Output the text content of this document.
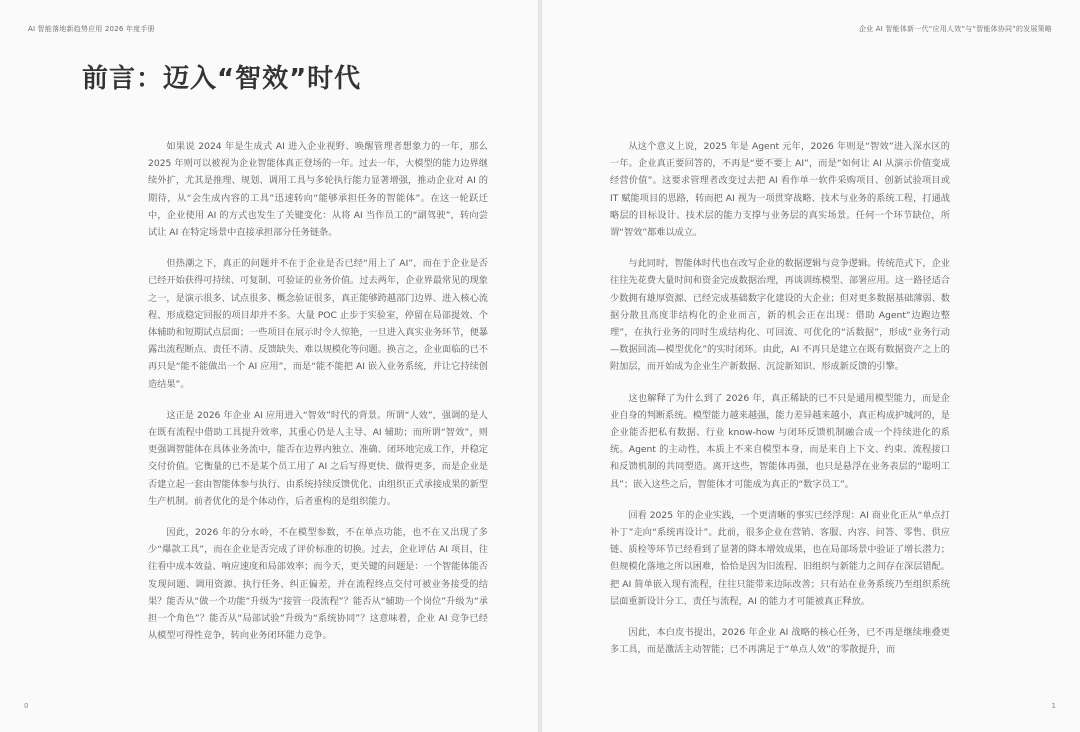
AI 智能落地新趋势应用 2026 年度手册
前言：迈入“智效”时代

如果说 2024 年是生成式 AI 进入企业视野、唤醒管理者想象力的一年，那么 2025 年则可以被视为企业智能体真正登场的一年。过去一年，大模型的能力边界继续外扩，尤其是推理、规划、调用工具与多轮执行能力显著增强，推动企业对 AI 的期待，从“会生成内容的工具”迅速转向“能够承担任务的智能体”。在这一轮跃迁中，企业使用 AI 的方式也发生了关键变化：从将 AI 当作员工的“副驾驶”，转向尝试让 AI 在特定场景中直接承担部分任务链条。

但热潮之下，真正的问题并不在于企业是否已经“用上了 AI”，而在于企业是否已经开始获得可持续、可复制、可验证的业务价值。过去两年，企业界最常见的现象之一，是演示很多、试点很多、概念验证很多，真正能够跨越部门边界、进入核心流程、形成稳定回报的项目却并不多。大量 POC 止步于实验室，停留在局部提效、个体辅助和短期试点层面；一些项目在展示时令人惊艳，一旦进入真实业务环节，便暴露出流程断点、责任不清、反馈缺失、难以规模化等问题。换言之，企业面临的已不再只是“能不能做出一个 AI 应用”，而是“能不能把 AI 嵌入业务系统，并让它持续创造结果”。

这正是 2026 年企业 AI 应用进入“智效”时代的背景。所谓“人效”，强调的是人在既有流程中借助工具提升效率，其重心仍是人主导、AI 辅助；而所谓“智效”，则更强调智能体在具体业务流中，能否在边界内独立、准确、闭环地完成工作，并稳定交付价值。它衡量的已不是某个员工用了 AI 之后写得更快、做得更多，而是企业是否建立起一套由智能体参与执行、由系统持续反馈优化、由组织正式承接成果的新型生产机制。前者优化的是个体动作，后者重构的是组织能力。

因此，2026 年的分水岭，不在模型参数，不在单点功能，也不在又出现了多少“爆款工具”，而在企业是否完成了评价标准的切换。过去，企业评估 AI 项目，往往看中成本效益、响应速度和局部效率；而今天，更关键的问题是：一个智能体能否发现问题、调用资源、执行任务、纠正偏差，并在流程终点交付可被业务接受的结果？能否从“做一个功能”升级为“接管一段流程”？能否从“辅助一个岗位”升级为“承担一个角色”？能否从“局部试验”升级为“系统协同”？这意味着，企业 AI 竞争已经从模型可得性竞争，转向业务闭环能力竞争。

0
企业 AI 智能体新一代“应用人效”与“智能体协同”的发展策略

从这个意义上说，2025 年是 Agent 元年，2026 年则是“智效”进入深水区的一年。企业真正要回答的，不再是“要不要上 AI”，而是“如何让 AI 从演示价值变成经营价值”。这要求管理者改变过去把 AI 看作单一软件采购项目、创新试验项目或 IT 赋能项目的思路，转而把 AI 视为一项贯穿战略、技术与业务的系统工程，打通战略层的目标设计、技术层的能力支撑与业务层的真实场景。任何一个环节缺位，所谓“智效”都难以成立。

与此同时，智能体时代也在改写企业的数据逻辑与竞争逻辑。传统范式下，企业往往先花费大量时间和资金完成数据治理，再谈训练模型、部署应用。这一路径适合少数拥有雄厚资源、已经完成基础数字化建设的大企业；但对更多数据基础薄弱、数据分散且高度非结构化的企业而言，新的机会正在出现：借助 Agent“边跑边整理”，在执行业务的同时生成结构化、可回流、可优化的“活数据”，形成“业务行动—数据回流—模型优化”的实时闭环。由此，AI 不再只是建立在既有数据资产之上的附加层，而开始成为企业生产新数据、沉淀新知识、形成新反馈的引擎。

这也解释了为什么到了 2026 年，真正稀缺的已不只是通用模型能力，而是企业自身的判断系统。模型能力越来越强，能力差异越来越小，真正构成护城河的，是企业能否把私有数据、行业 know-how 与闭环反馈机制融合成一个持续进化的系统。Agent 的主动性，本质上不来自模型本身，而是来自上下文、约束、流程接口和反馈机制的共同塑造。离开这些，智能体再强，也只是悬浮在业务表层的“聪明工具”；嵌入这些之后，智能体才可能成为真正的“数字员工”。

回看 2025 年的企业实践，一个更清晰的事实已经浮现：AI 商业化正从“单点打补丁”走向“系统再设计”。此前，很多企业在营销、客服、内容、问答、零售、供应链、质检等环节已经看到了显著的降本增效成果，也在局部场景中验证了增长潜力；但规模化落地之所以困难，恰恰是因为旧流程、旧组织与新能力之间存在深层错配。把 AI 简单嵌入现有流程，往往只能带来边际改善；只有站在业务系统乃至组织系统层面重新设计分工、责任与流程，AI 的能力才可能被真正释放。

因此，本白皮书提出，2026 年企业 AI 战略的核心任务，已不再是继续堆叠更多工具，而是激活主动智能；已不再满足于“单点人效”的零散提升，而

1
